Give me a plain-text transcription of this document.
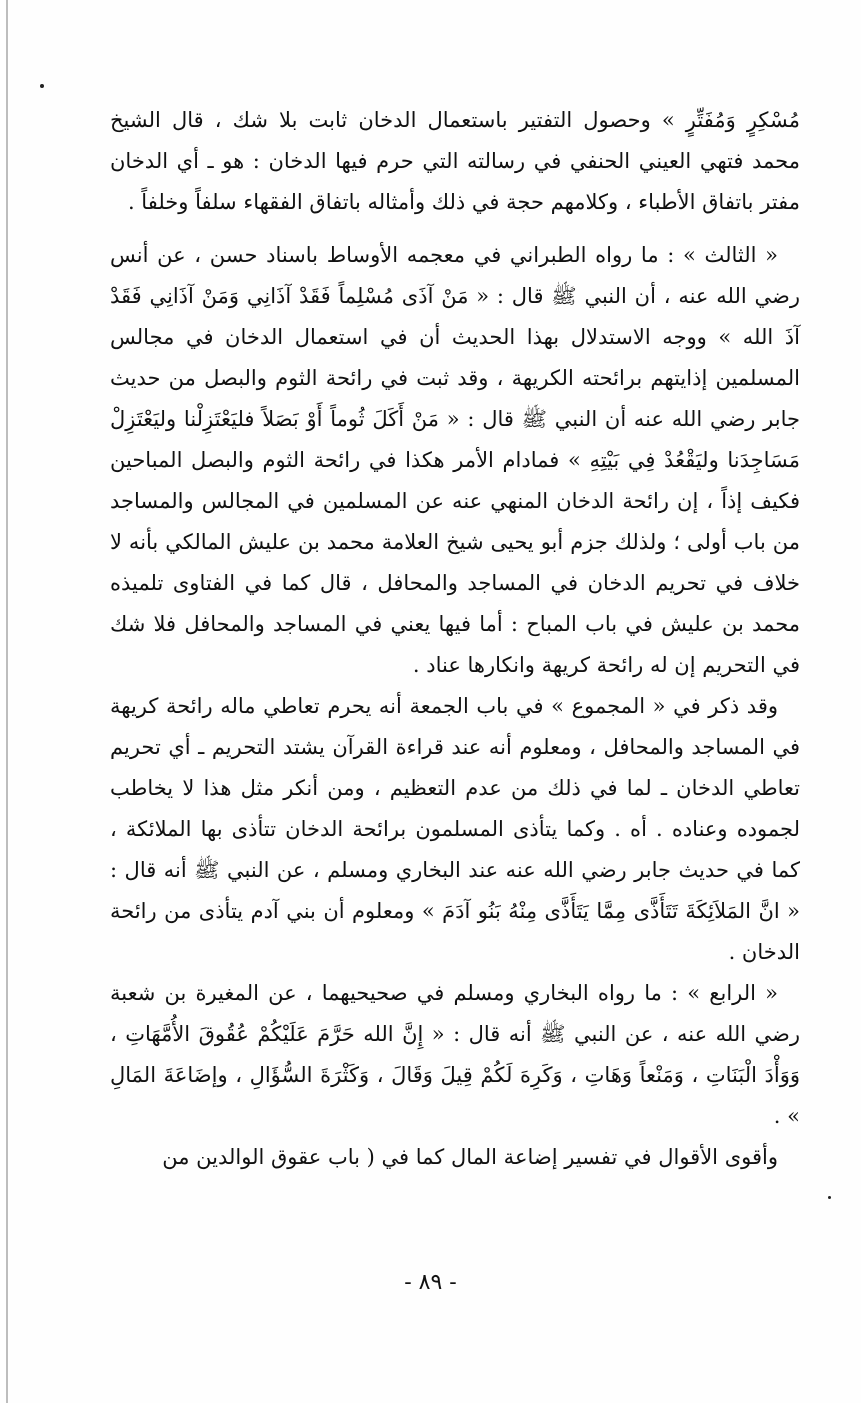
مُسْكِرٍ وَمُفَتِّرٍ » وحصول التفتير باستعمال الدخان ثابت بلا شك ، قال الشيخ محمد فتهي العيني الحنفي في رسالته التي حرم فيها الدخان : هو ـ أي الدخان مفتر باتفاق الأطباء ، وكلامهم حجة في ذلك وأمثاله باتفاق الفقهاء سلفاً وخلفاً .

« الثالث » : ما رواه الطبراني في معجمه الأوساط باسناد حسن ، عن أنس رضي الله عنه ، أن النبي ﷺ قال : « مَنْ آذَى مُسْلِماً فَقَدْ آذَانِي وَمَنْ آذَانِي فَقَدْ آذَ الله » ووجه الاستدلال بهذا الحديث أن في استعمال الدخان في مجالس المسلمين إذايتهم برائحته الكريهة ، وقد ثبت في رائحة الثوم والبصل من حديث جابر رضي الله عنه أن النبي ﷺ قال : « مَنْ أَكَلَ ثُوماً أَوْ بَصَلاً فليَعْتَزِلْنا وليَعْتَزِلْ مَسَاجِدَنا وليَقْعُدْ فِي بَيْتِهِ » فمادام الأمر هكذا في رائحة الثوم والبصل المباحين فكيف إذاً ، إن رائحة الدخان المنهي عنه عن المسلمين في المجالس والمساجد من باب أولى ؛ ولذلك جزم أبو يحيى شيخ العلامة محمد بن عليش المالكي بأنه لا خلاف في تحريم الدخان في المساجد والمحافل ، قال كما في الفتاوى تلميذه محمد بن عليش في باب المباح : أما فيها يعني في المساجد والمحافل فلا شك في التحريم إن له رائحة كريهة وانكارها عناد .

وقد ذكر في « المجموع » في باب الجمعة أنه يحرم تعاطي ماله رائحة كريهة في المساجد والمحافل ، ومعلوم أنه عند قراءة القرآن يشتد التحريم ـ أي تحريم تعاطي الدخان ـ لما في ذلك من عدم التعظيم ، ومن أنكر مثل هذا لا يخاطب لجموده وعناده . أه . وكما يتأذى المسلمون برائحة الدخان تتأذى بها الملائكة ، كما في حديث جابر رضي الله عنه عند البخاري ومسلم ، عن النبي ﷺ أنه قال : « انَّ المَلاَئِكَةَ تَتَأَذَّى مِمَّا يَتَأَذَّى مِنْهُ بَنُو آدَمَ » ومعلوم أن بني آدم يتأذى من رائحة الدخان .

« الرابع » : ما رواه البخاري ومسلم في صحيحيهما ، عن المغيرة بن شعبة رضي الله عنه ، عن النبي ﷺ أنه قال : « إِنَّ الله حَرَّمَ عَلَيْكُمْ عُقُوقَ الأُمَّهَاتِ ، وَوَأْدَ الْبَنَاتِ ، وَمَنْعاً وَهَاتِ ، وَكَرِهَ لَكُمْ قِيلَ وَقَالَ ، وَكَثْرَةَ السُّؤَالِ ، وإضَاعَةَ المَالِ » .

وأقوى الأقوال في تفسير إضاعة المال كما في ( باب عقوق الوالدين من

- ٨٩ -
